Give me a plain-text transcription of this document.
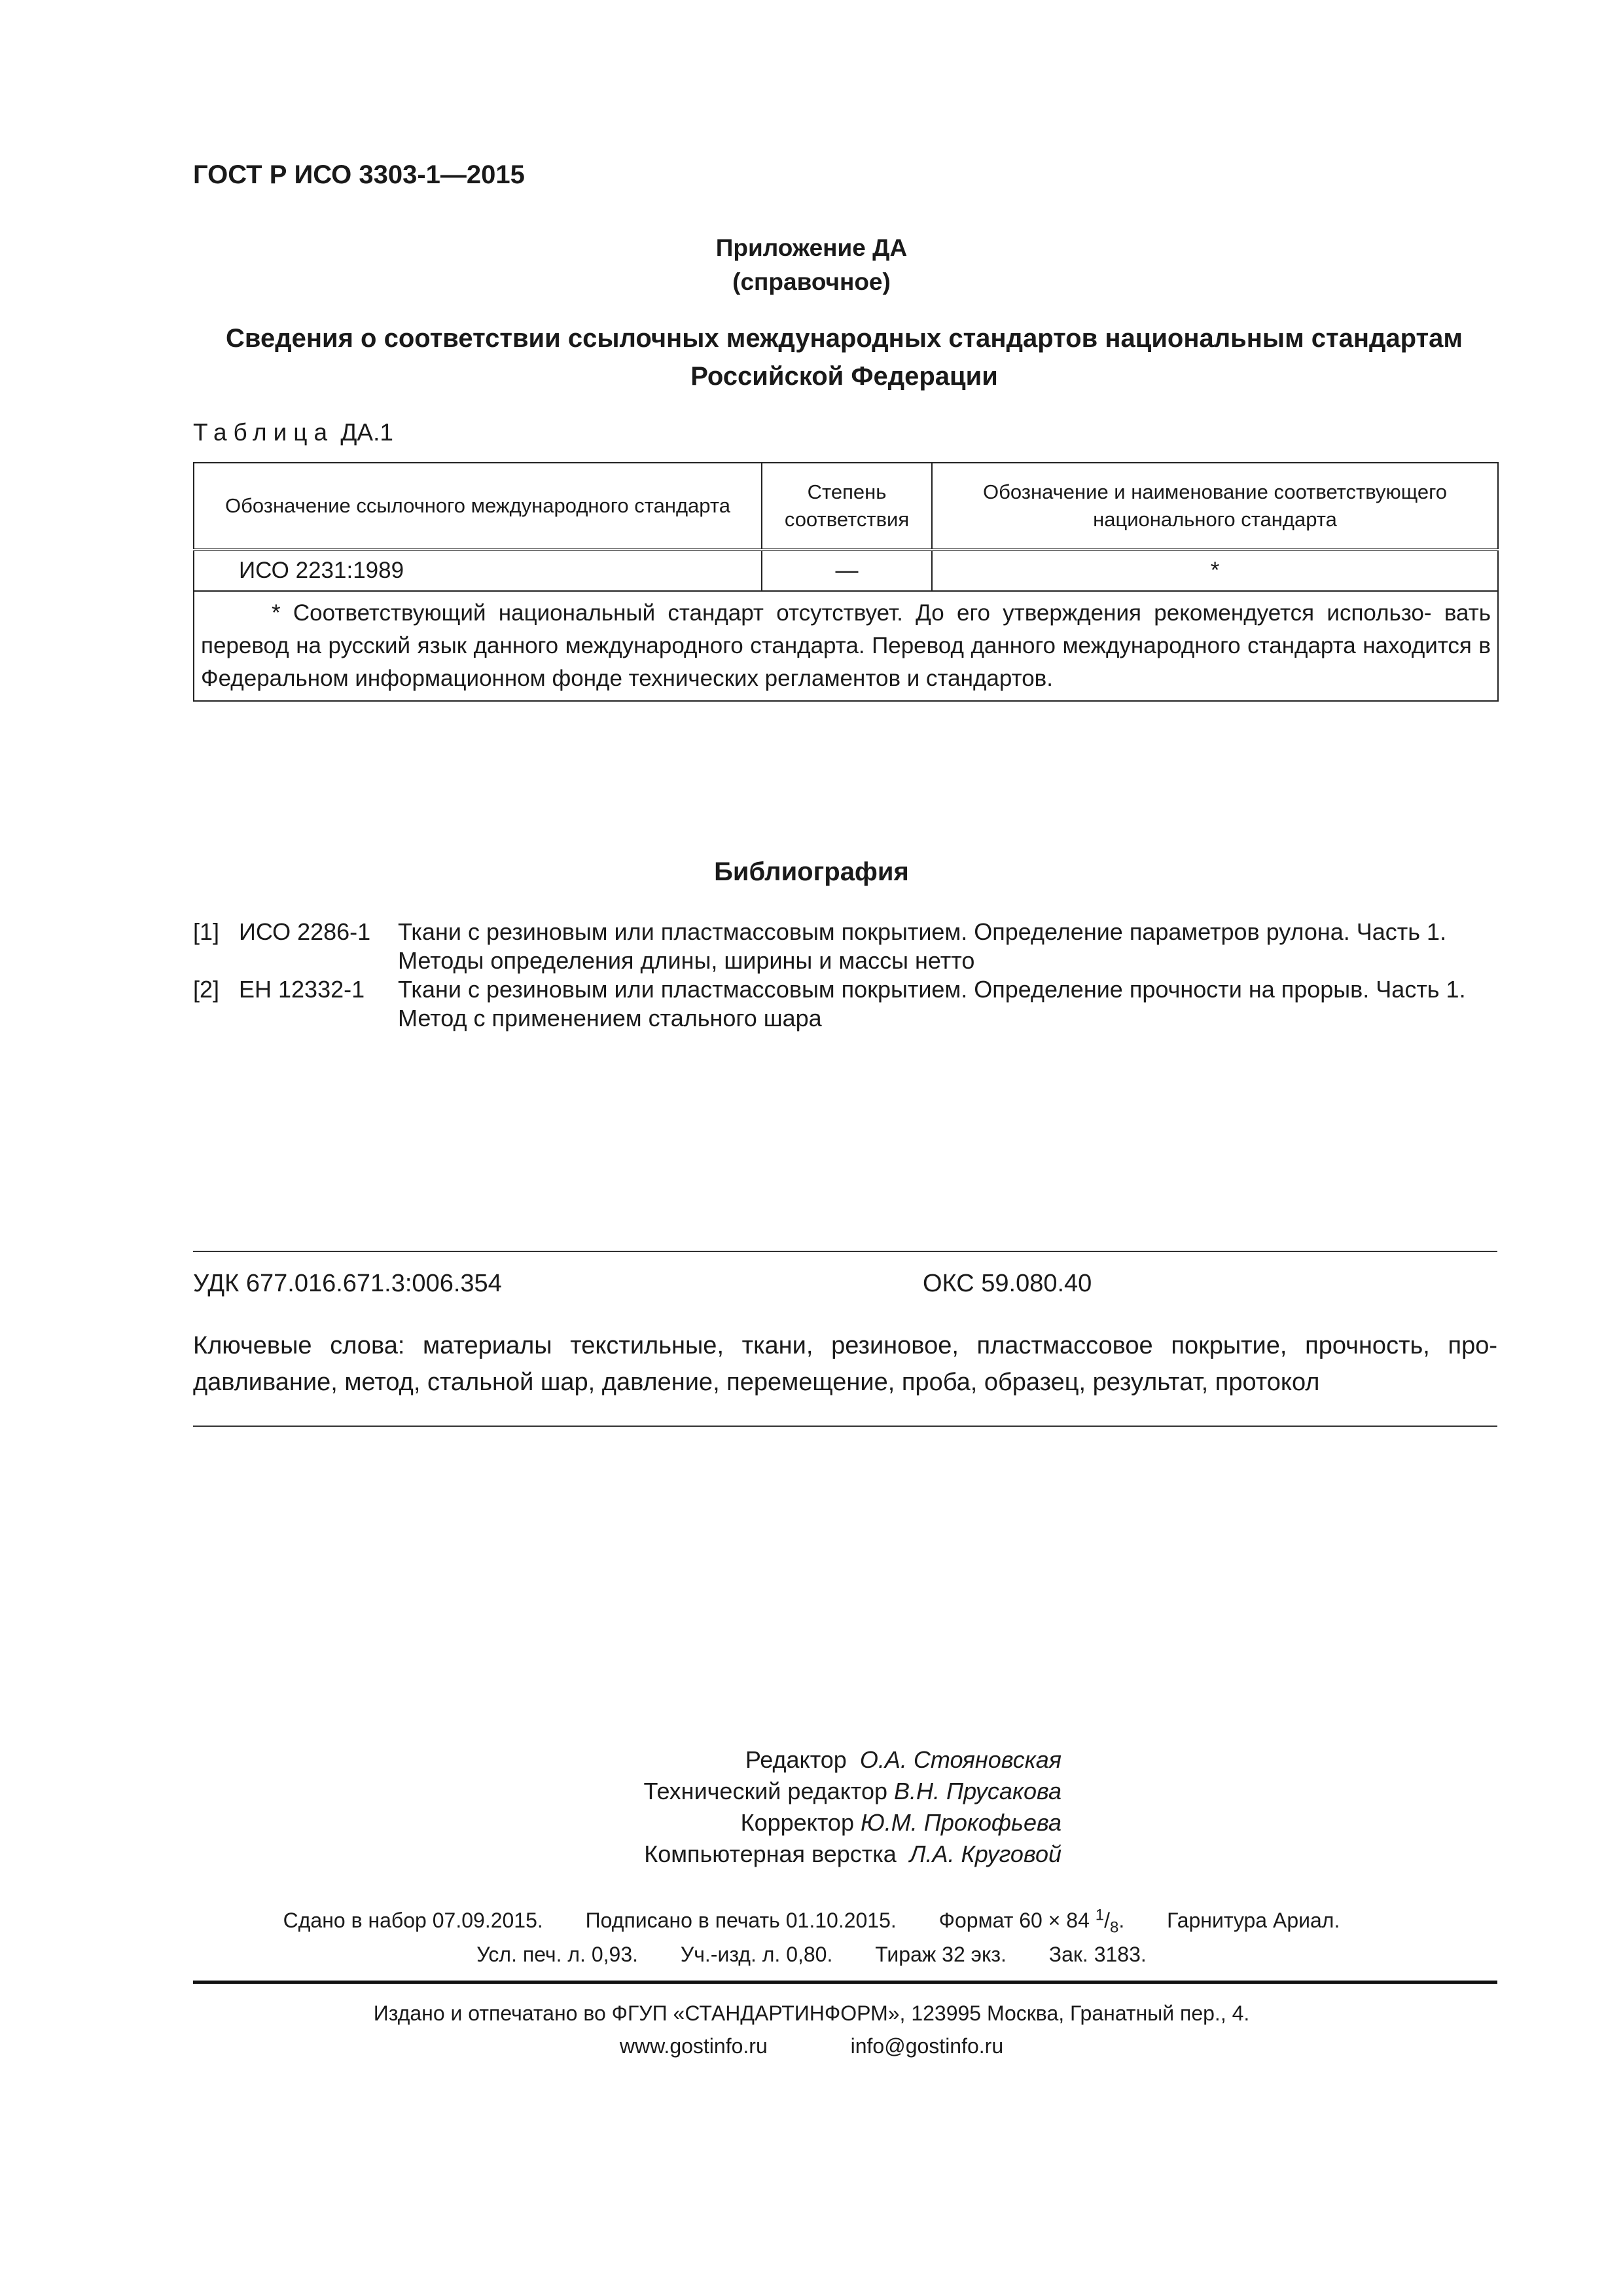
ГОСТ Р ИСО 3303-1—2015
Приложение ДА
(справочное)
Сведения о соответствии ссылочных международных стандартов национальным стандартам
Российской Федерации
Таблица ДА.1
Обозначение ссылочного международного стандарта	Степень соответствия	Обозначение и наименование соответствующего национального стандарта
ИСО 2231:1989	—	*
* Соответствующий национальный стандарт отсутствует. До его утверждения рекомендуется использо- вать перевод на русский язык данного международного стандарта. Перевод данного международного стандарта находится в Федеральном информационном фонде технических регламентов и стандартов.		
Библиография
[1] ИСО 2286-1	Ткани с резиновым или пластмассовым покрытием. Определение параметров рулона. Часть 1.
Методы определения длины, ширины и массы нетто
[2] ЕН 12332-1	Ткани с резиновым или пластмассовым покрытием. Определение прочности на прорыв. Часть 1.
Метод с применением стального шара
УДК 677.016.671.3:006.354	ОКС 59.080.40
Ключевые слова: материалы текстильные, ткани, резиновое, пластмассовое покрытие, прочность, про- давливание, метод, стальной шар, давление, перемещение, проба, образец, результат, протокол
Редактор О.А. Стояновская
Технический редактор В.Н. Прусакова
Корректор Ю.М. Прокофьева
Компьютерная верстка Л.А. Круговой
Сдано в набор 07.09.2015. Подписано в печать 01.10.2015. Формат 60 × 84 $^1/_8$. Гарнитура Ариал.
Усл. печ. л. 0,93. Уч.-изд. л. 0,80. Тираж 32 экз. Зак. 3183.
Издано и отпечатано во ФГУП «СТАНДАРТИНФОРМ», 123995 Москва, Гранатный пер., 4.
www.gostinfo.ru	info@gostinfo.ru
